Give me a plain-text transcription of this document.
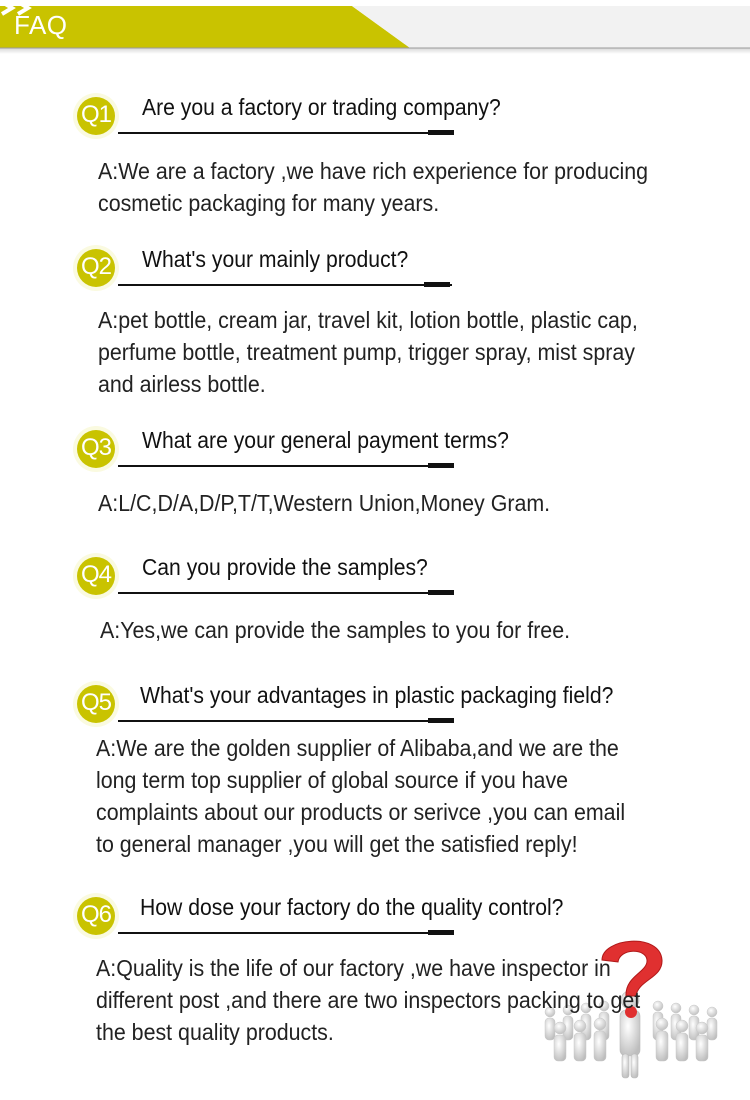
FAQ
Q1	Are you a factory or trading company?
A:We are a factory ,we have rich experience for producing
cosmetic packaging for many years.
Q2	What's your mainly product?
A:pet bottle, cream jar, travel kit, lotion bottle, plastic cap,
perfume bottle, treatment pump, trigger spray, mist spray
and airless bottle.
Q3	What are your general payment terms?
A:L/C,D/A,D/P,T/T,Western Union,Money Gram.
Q4	Can you provide the samples?
A:Yes,we can provide the samples to you for free.
Q5	What's your advantages in plastic packaging field?
A:We are the golden supplier of Alibaba,and we are the
long term top supplier of global source if you have
complaints about our products or serivce ,you can email
to general manager ,you will get the satisfied reply!
Q6	How dose your factory do the quality control?
A:Quality is the life of our factory ,we have inspector in
different post ,and there are two inspectors packing to get
the best quality products.
